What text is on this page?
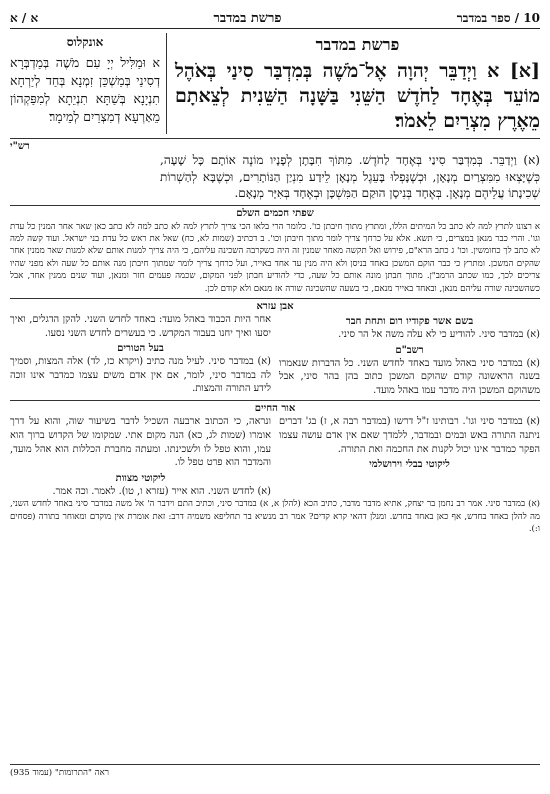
10 / ספר במדבר
פרשת במדבר
א / א
פרשת במדבר
[א] א וַיְדַבֵּר יְהוָה אֶל־מֹשֶׁה בְּמִדְבַּר סִינַי בְּאֹהֶל מוֹעֵד בְּאֶחָד לַחֹדֶשׁ הַשֵּׁנִי בַּשָּׁנָה הַשֵּׁנִית לְצֵאתָם מֵאֶרֶץ מִצְרַיִם לֵאמֹר׃
אונקלוס

א וּמַלִּיל יְיָ עִם מֹשֶׁה בְּמַדְבְּרָא דְסִינַי בְּמַשְׁכַּן זִמְנָא בְּחַד לְיַרְחָא תִנְיָנָא בְּשַׁתָּא תִנְיֵתָא לְמִפַּקְהוֹן מֵאַרְעָא דְמִצְרַיִם לְמֵימָר׃

רש"י

(א) וַיְדַבֵּר. בְּמִדְבַּר סִינַי בְּאֶחָד לַחֹדֶשׁ. מִתּוֹךְ חִבָּתָן לְפָנָיו מוֹנֶה אוֹתָם כָּל שָׁעָה, כְּשֶׁיָּצְאוּ מִמִּצְרַיִם מְנָאָן, וּכְשֶׁנָּפְלוּ בָּעֵגֶל מְנָאָן לֵידַע מִנְיַן הַנּוֹתָרִים, וּכְשֶׁבָּא לְהַשְׁרוֹת שְׁכִינָתוֹ עֲלֵיהֶם מְנָאָן. בְּאֶחָד בְּנִיסָן הוּקַם הַמִּשְׁכָּן וּבְאֶחָד בְּאִיָּר מְנָאָם.

שפתי חכמים השלם

א רצונו לתרץ למה לא כתב כל המיתים הללו, ומתרץ מתוך חיבתן כו'. כלומר הרי בלאו הכי צריך לתרץ למה לא כתב למה לא כתב כאן שאר אחר המנין כל עדת וגו'. והרי כבר מנאן במצרים, כי תשא. אלא על כרחך צריך לומר מתוך חיבתן וכו'. ב דכתיב (שמות לא, כח) שאל את ראש כל עדת בני ישראל. ועוד קשה למה לא כתב לך כחומשין. וכו' ג כתב הרא"ם, פירוש ואל תקשה מאחר שמנין זה היה כשקרבה השכינה עליהם, כי היה צריך למנות אותם שלא למנות שאר ממנין אחר שהקים המשכן. ומתרץ כי כבר הוקם המשכן באחד בניסן ולא היה מנין עד אחד באייר, ועל כרחך צריך לומר שמתוך חיבתן מנה אותם כל שעה ולא מפני שהיו צריכים לכך, כמו שכתב הרמב"ן. מתוך חבתן מונה אותם כל שעה, כדי להודיע חבתן לפני המקום, שכמה פעמים חזר ומנאן, ועוד שנים ממנין אחד, אבל כשהשכינה שורה עליהם מנאן, ובאחד באייר מנאם, כי בשעה שהשכינה שורה אז מנאם ולא קודם לכן.

אבן עזרא
בשם אשר פקודיו רום ותחת חבר

(א) במדבר סיני. להודיע כי לא עלה משה אל הר סיני.

רשב"ם

(א) במדבר סיני באהל מועד באחד לחדש השני. כל הדברות שנאמרו בשנה הראשונה קודם שהוקם המשכן כתוב בהן בהר סיני, אבל משהוקם המשכן היה מדבר עמו באהל מועד.

אחר היות הכבוד באהל מועד: באחד לחדש השני. להקן הדגלים, ואיך יסעו ואיך יחנו בעבור המקדש. כי בעשרים לחדש השני נסעו.

בעל הטורים

(א) במדבר סיני. לעיל מנה כתיב (ויקרא כז, לד) אלה המצות, וסמיך לה במדבר סיני, לומר, אם אין אדם משים עצמו כמדבר אינו זוכה לידע התורה והמצות.

אור החיים

(א) במדבר סיני וגו'. רבותינו ז"ל דרשו (במדבר רבה א, ז) בג' דברים ניתנה התורה באש ובמים ובמדבר, ללמדך שאם אין אדם עושה עצמו הפקר כמדבר אינו יכול לקנות את החכמה ואת התורה.

ליקוטי בבלי וירושלמי

ונראה, כי הכתוב ארבעה השכיל לדבר בשיעור שוה, והוא על דרך אומרו (שמות לג, כא) הנה מקום אתי. שמקומו של הקדוש ברוך הוא עמו, והוא טפל לו ולשכינתו. ומעתה מחברת הכללות הוא אהל מועד, והמדבר הוא פרט טפל לו.

ליקוטי מצוות

(א) לחדש השני. הוא אייר (עזרא ו, טו). לאמר. וכה אמר.

(א) במדבר סיני. אמר רב נחמן בר יצחק, אתיא מדבר מדבר, כתיב הכא (להלן א, א) במדבר סיני, וכתיב התם וידבר ה' אל משה במדבר סיני באחד לחדש השני, מה להלן באחד בחדש, אף כאן באחד בחדש. ומנלן דהאי קרא קדים? אמר רב מנשיא בר תחליפא משמיה דרב: זאת אומרת אין מוקדם ומאוחר בתורה (פסחים ו:).

ראה "התרומות" (עמוד 935)
